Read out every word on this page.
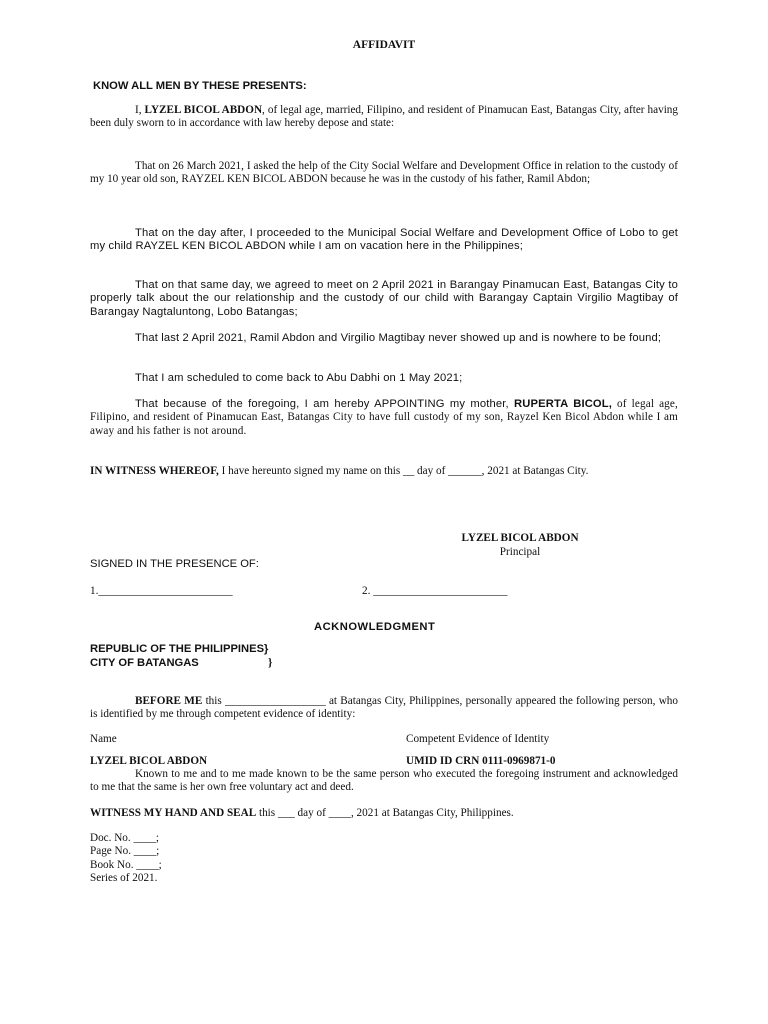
AFFIDAVIT
KNOW ALL MEN BY THESE PRESENTS:
I, LYZEL BICOL ABDON, of legal age, married, Filipino, and resident of Pinamucan East, Batangas City, after having been duly sworn to in accordance with law hereby depose and state:
That on 26 March 2021, I asked the help of the City Social Welfare and Development Office in relation to the custody of my 10 year old son, RAYZEL KEN BICOL ABDON because he was in the custody of his father, Ramil Abdon;
That on the day after, I proceeded to the Municipal Social Welfare and Development Office of Lobo to get my child RAYZEL KEN BICOL ABDON while I am on vacation here in the Philippines;
That on that same day, we agreed to meet on 2 April 2021 in Barangay Pinamucan East, Batangas City to properly talk about the our relationship and the custody of our child with Barangay Captain Virgilio Magtibay of Barangay Nagtaluntong, Lobo Batangas;
That last 2 April 2021, Ramil Abdon and Virgilio Magtibay never showed up and is nowhere to be found;
That I am scheduled to come back to Abu Dabhi on 1 May 2021;
That because of the foregoing, I am hereby APPOINTING my mother, RUPERTA BICOL, of legal age, Filipino, and resident of Pinamucan East, Batangas City to have full custody of my son, Rayzel Ken Bicol Abdon while I am away and his father is not around.
IN WITNESS WHEREOF, I have hereunto signed my name on this __ day of ______, 2021 at Batangas City.
LYZEL BICOL ABDON
Principal
SIGNED IN THE PRESENCE OF:
1.________________________	2. ________________________
ACKNOWLEDGMENT
REPUBLIC OF THE PHILIPPINES}
CITY OF BATANGAS	}
BEFORE ME this __________________ at Batangas City, Philippines, personally appeared the following person, who is identified by me through competent evidence of identity:
Name	Competent Evidence of Identity
LYZEL BICOL ABDON	UMID ID CRN 0111-0969871-0
Known to me and to me made known to be the same person who executed the foregoing instrument and acknowledged to me that the same is her own free voluntary act and deed.
WITNESS MY HAND AND SEAL this ___ day of ____, 2021 at Batangas City, Philippines.
Doc. No. ____;
Page No. ____;
Book No. ____;
Series of 2021.
